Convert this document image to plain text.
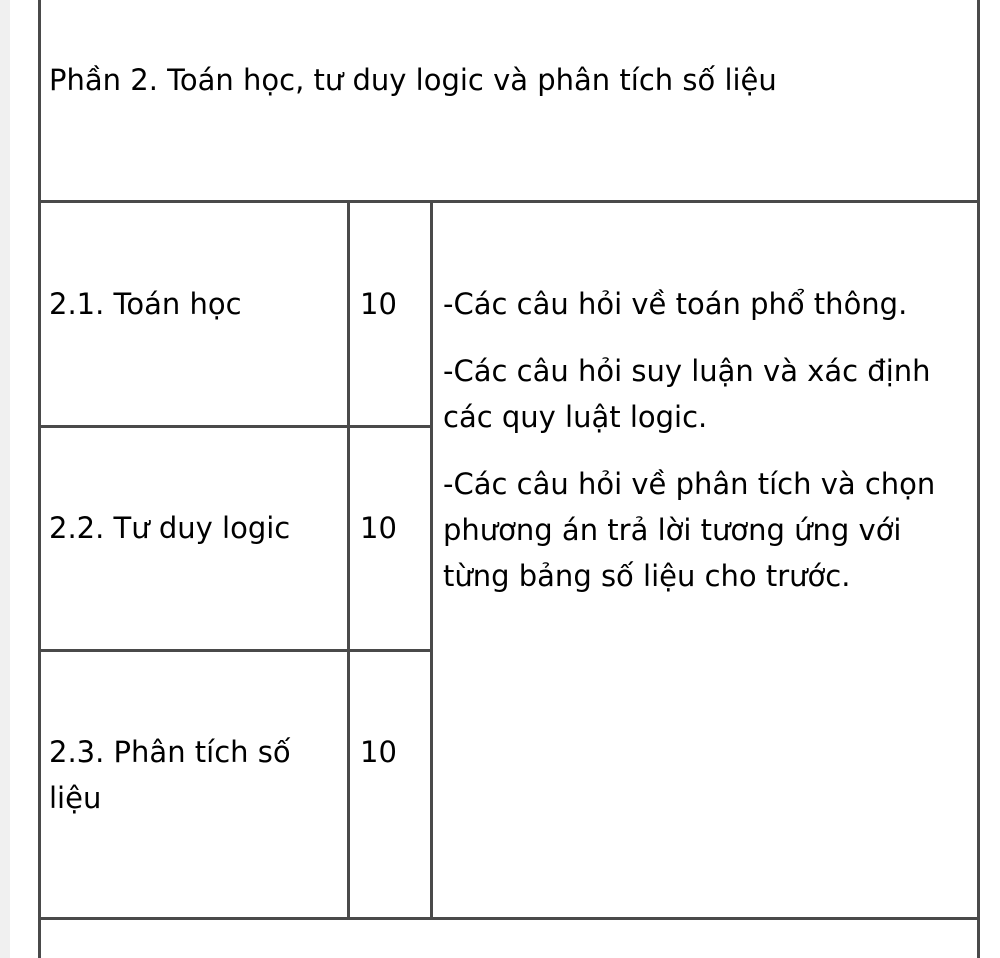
Phần 2. Toán học, tư duy logic và phân tích số liệu
2.1. Toán học	10
2.2. Tư duy logic 10
2.3. Phân tích số
liệu
10
-Các câu hỏi về toán phổ thông.
-Các câu hỏi suy luận và xác định
các quy luật logic.
-Các câu hỏi về phân tích và chọn
phương án trả lời tương ứng với
từng bảng số liệu cho trước.
